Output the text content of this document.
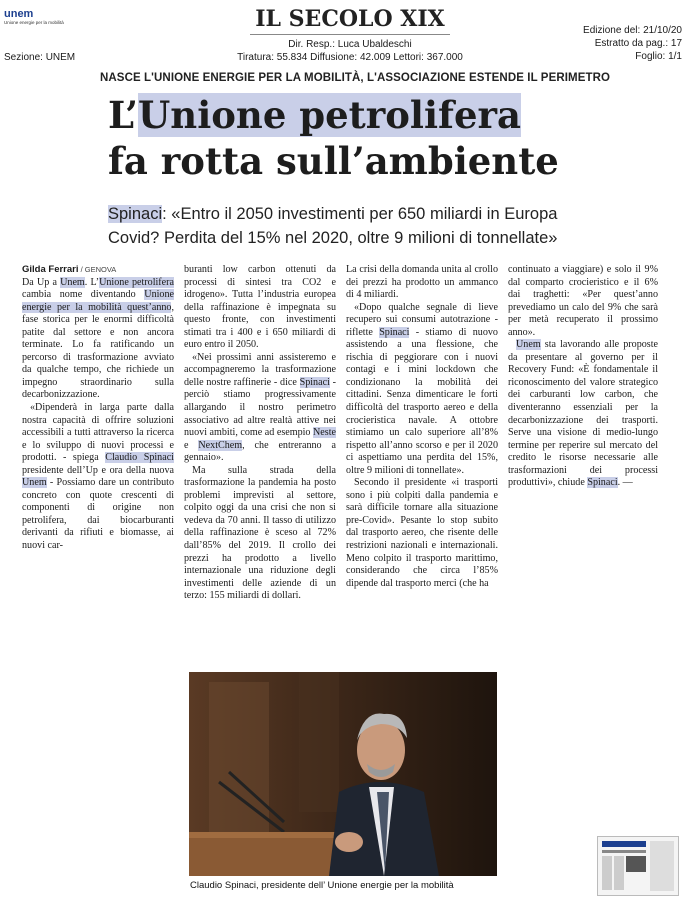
unem
Unione energie per la mobilità
Sezione: UNEM
IL SECOLO XIX
Dir. Resp.: Luca Ubaldeschi
Tiratura: 55.834 Diffusione: 42.009 Lettori: 367.000
Edizione del: 21/10/20
Estratto da pag.: 17
Foglio: 1/1
NASCE L'UNIONE ENERGIE PER LA MOBILITÀ, L'ASSOCIAZIONE ESTENDE IL PERIMETRO
L’Unione petrolifera
fa rotta sull’ambiente
Spinaci: «Entro il 2050 investimenti per 650 miliardi in Europa
Covid? Perdita del 15% nel 2020, oltre 9 milioni di tonnellate»
Gilda Ferrari / GENOVA

Da Up a Unem. L’Unione petrolifera cambia nome diventando Unione energie per la mobilità quest’anno, fase storica per le enormi difficoltà patite dal settore e non ancora terminate. Lo fa ratificando un percorso di trasformazione avviato da qualche tempo, che richiede un impegno straordinario sulla decarbonizzazione.

«Dipenderà in larga parte dalla nostra capacità di offrire soluzioni accessibili a tutti attraverso la ricerca e lo sviluppo di nuovi processi e prodotti. - spiega Claudio Spinaci presidente dell’Up e ora della nuova Unem - Possiamo dare un contributo concreto con quote crescenti di componenti di origine non petrolifera, dai biocarburanti derivanti da rifiuti e biomasse, ai nuovi car-

buranti low carbon ottenuti da processi di sintesi tra CO2 e idrogeno». Tutta l’industria europea della raffinazione è impegnata su questo fronte, con investimenti stimati tra i 400 e i 650 miliardi di euro entro il 2050.

«Nei prossimi anni assisteremo e accompagneremo la trasformazione delle nostre raffinerie - dice Spinaci - perciò stiamo progressivamente allargando il nostro perimetro associativo ad altre realtà attive nei nuovi ambiti, come ad esempio Neste e NextChem, che entreranno a gennaio».

Ma sulla strada della trasformazione la pandemia ha posto problemi imprevisti al settore, colpito oggi da una crisi che non si vedeva da 70 anni. Il tasso di utilizzo della raffinazione è sceso al 72% dall’85% del 2019. Il crollo dei prezzi ha prodotto a livello internazionale una riduzione degli investimenti delle aziende di un terzo: 155 miliardi di dollari.

La crisi della domanda unita al crollo dei prezzi ha prodotto un ammanco di 4 miliardi.

«Dopo qualche segnale di lieve recupero sui consumi autotrazione - riflette Spinaci - stiamo di nuovo assistendo a una flessione, che rischia di peggiorare con i nuovi contagi e i mini lockdown che condizionano la mobilità dei cittadini. Senza dimenticare le forti difficoltà del trasporto aereo e della crocieristica navale. A ottobre stimiamo un calo superiore all’8% rispetto all’anno scorso e per il 2020 ci aspettiamo una perdita del 15%, oltre 9 milioni di tonnellate».

Secondo il presidente «i trasporti sono i più colpiti dalla pandemia e sarà difficile tornare alla situazione pre-Covid». Pesante lo stop subito dal trasporto aereo, che risente delle restrizioni nazionali e internazionali. Meno colpito il trasporto marittimo, considerando che circa l’85% dipende dal trasporto merci (che ha

continuato a viaggiare) e solo il 9% dal comparto crocieristico e il 6% dai traghetti: «Per quest’anno prevediamo un calo del 9% che sarà per metà recuperato il prossimo anno».

Unem sta lavorando alle proposte da presentare al governo per il Recovery Fund: «È fondamentale il riconoscimento del valore strategico dei carburanti low carbon, che diventeranno essenziali per la decarbonizzazione dei trasporti. Serve una visione di medio-lungo termine per reperire sul mercato del credito le risorse necessarie alle trasformazioni dei processi produttivi», chiude Spinaci. —

Claudio Spinaci, presidente dell’ Unione energie per la mobilità
